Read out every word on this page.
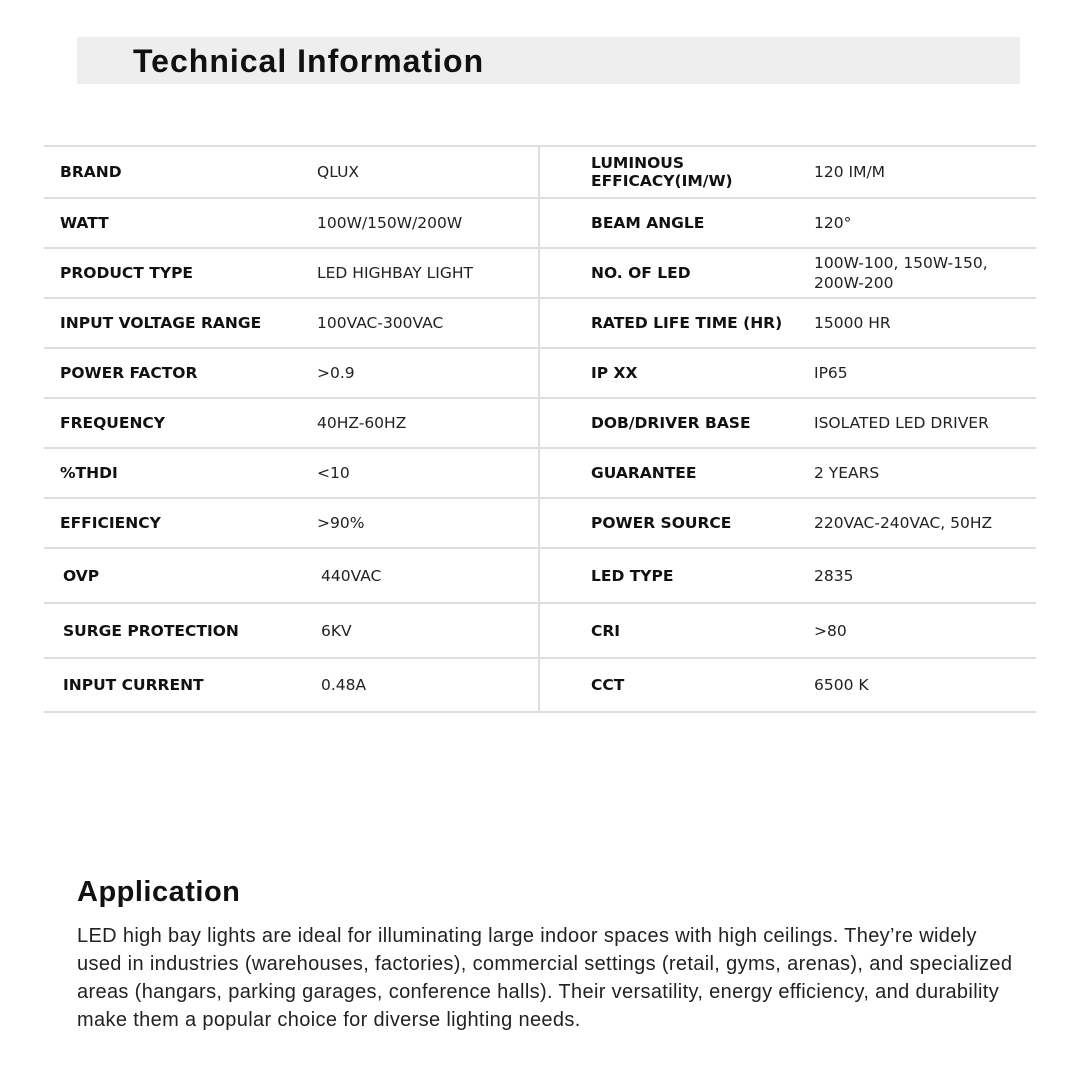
Technical Information
BRAND	QLUX	LUMINOUS EFFICACY(IM/W)	120 IM/M
WATT	100W/150W/200W	BEAM ANGLE	120°
PRODUCT TYPE	LED HIGHBAY LIGHT	NO. OF LED	100W-100, 150W-150, 200W-200
INPUT VOLTAGE RANGE	100VAC-300VAC	RATED LIFE TIME (HR)	15000 HR
POWER FACTOR	>0.9	IP XX	IP65
FREQUENCY	40HZ-60HZ	DOB/DRIVER BASE	ISOLATED LED DRIVER
%THDI	<10	GUARANTEE	2 YEARS
EFFICIENCY	>90%	POWER SOURCE	220VAC-240VAC, 50HZ
OVP	440VAC	LED TYPE	2835
SURGE PROTECTION	6KV	CRI	>80
INPUT CURRENT	0.48A	CCT	6500 K
Application

LED high bay lights are ideal for illuminating large indoor spaces with high ceilings. They’re widely used in industries (warehouses, factories), commercial settings (retail, gyms, arenas), and specialized areas (hangars, parking garages, conference halls). Their versatility, energy efficiency, and durability make them a popular choice for diverse lighting needs.
